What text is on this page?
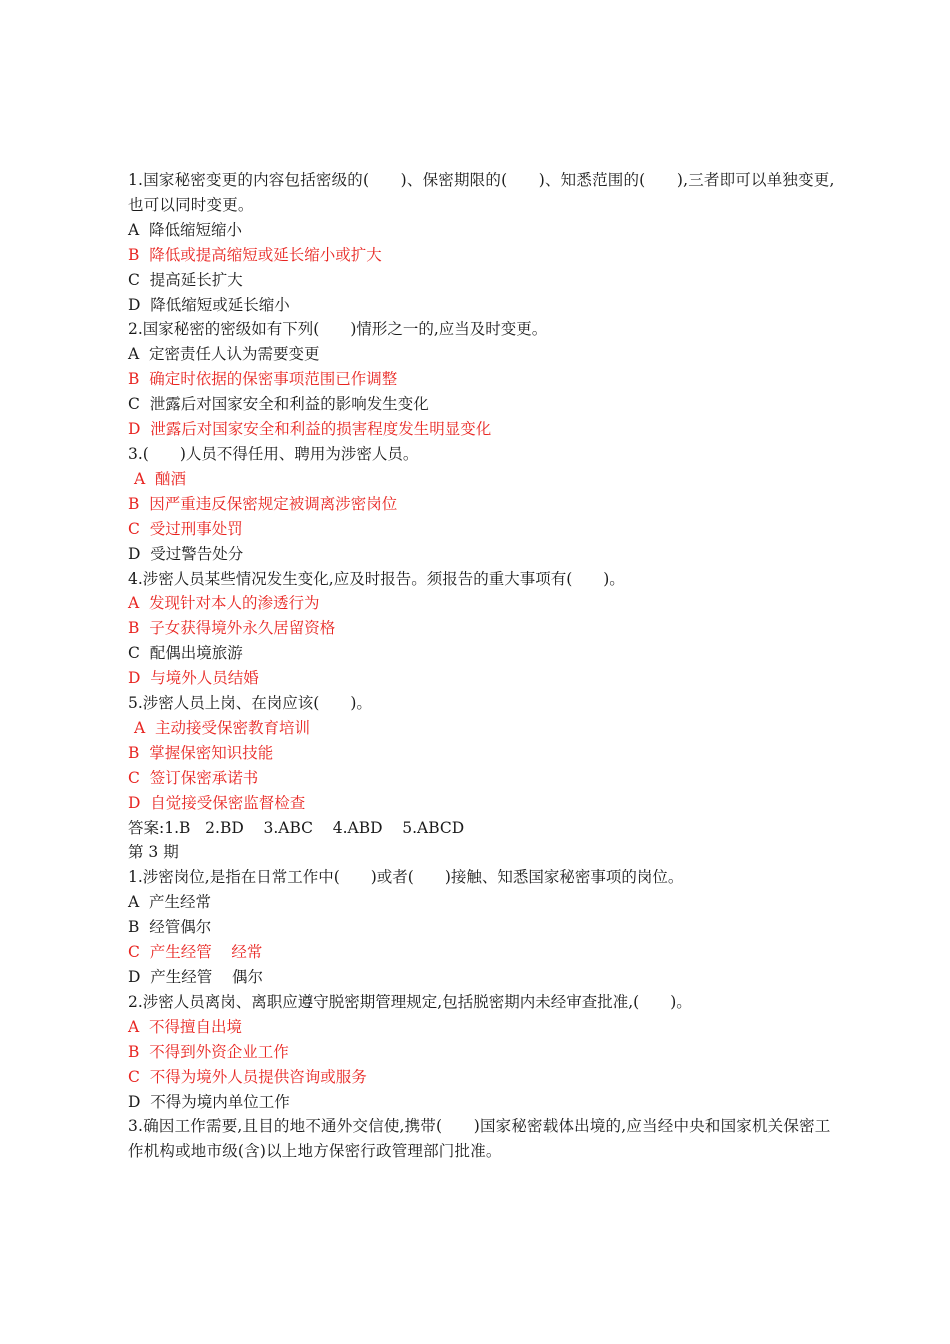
1.国家秘密变更的内容包括密级的(　　)、保密期限的(　　)、知悉范围的(　　),三者即可以单独变更,也可以同时变更。
A  降低缩短缩小
B  降低或提高缩短或延长缩小或扩大
C  提高延长扩大
D  降低缩短或延长缩小
2.国家秘密的密级如有下列(　　)情形之一的,应当及时变更。
A  定密责任人认为需要变更
B  确定时依据的保密事项范围已作调整
C  泄露后对国家安全和利益的影响发生变化
D  泄露后对国家安全和利益的损害程度发生明显变化
3.(　　)人员不得任用、聘用为涉密人员。
A  酗酒
B  因严重违反保密规定被调离涉密岗位
C  受过刑事处罚
D  受过警告处分
4.涉密人员某些情况发生变化,应及时报告。须报告的重大事项有(　　)。
A  发现针对本人的渗透行为
B  子女获得境外永久居留资格
C  配偶出境旅游
D  与境外人员结婚
5.涉密人员上岗、在岗应该(　　)。
A  主动接受保密教育培训
B  掌握保密知识技能
C  签订保密承诺书
D  自觉接受保密监督检查
答案:1.B   2.BD    3.ABC    4.ABD    5.ABCD
第 3 期
1.涉密岗位,是指在日常工作中(　　)或者(　　)接触、知悉国家秘密事项的岗位。
A  产生经常
B  经管偶尔
C  产生经管    经常
D  产生经管    偶尔
2.涉密人员离岗、离职应遵守脱密期管理规定,包括脱密期内未经审查批准,(　　)。
A  不得擅自出境
B  不得到外资企业工作
C  不得为境外人员提供咨询或服务
D  不得为境内单位工作
3.确因工作需要,且目的地不通外交信使,携带(　　)国家秘密载体出境的,应当经中央和国家机关保密工作机构或地市级(含)以上地方保密行政管理部门批准。
